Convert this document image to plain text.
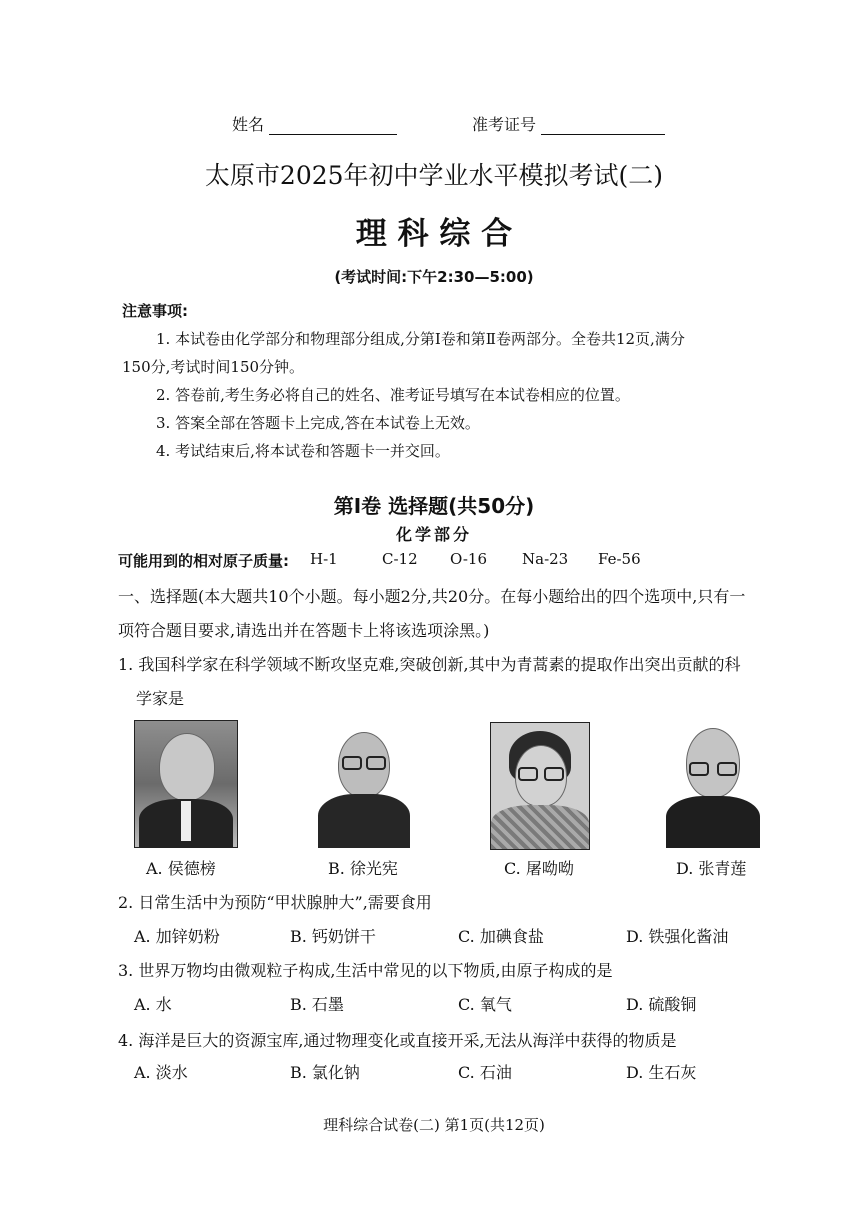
姓名	准考证号
太原市2025年初中学业水平模拟考试(二)
理 科 综 合
(考试时间:下午2:30—5:00)
注意事项:
1. 本试卷由化学部分和物理部分组成,分第Ⅰ卷和第Ⅱ卷两部分。全卷共12页,满分
150分,考试时间150分钟。
2. 答卷前,考生务必将自己的姓名、准考证号填写在本试卷相应的位置。
3. 答案全部在答题卡上完成,答在本试卷上无效。
4. 考试结束后,将本试卷和答题卡一并交回。
第Ⅰ卷 选择题(共50分)
化学部分
可能用到的相对原子质量: H-1	C-12 O-16 Na-23 Fe-56
一、选择题(本大题共10个小题。每小题2分,共20分。在每小题给出的四个选项中,只有一
项符合题目要求,请选出并在答题卡上将该选项涂黑。)
1. 我国科学家在科学领域不断攻坚克难,突破创新,其中为青蒿素的提取作出突出贡献的科
学家是
A. 侯德榜	B. 徐光宪	C. 屠呦呦	D. 张青莲
2. 日常生活中为预防“甲状腺肿大”,需要食用
A. 加锌奶粉	B. 钙奶饼干	C. 加碘食盐	D. 铁强化酱油
3. 世界万物均由微观粒子构成,生活中常见的以下物质,由原子构成的是
A. 水	B. 石墨	C. 氧气	D. 硫酸铜
4. 海洋是巨大的资源宝库,通过物理变化或直接开采,无法从海洋中获得的物质是
A. 淡水	B. 氯化钠	C. 石油	D. 生石灰
理科综合试卷(二) 第1页(共12页)
